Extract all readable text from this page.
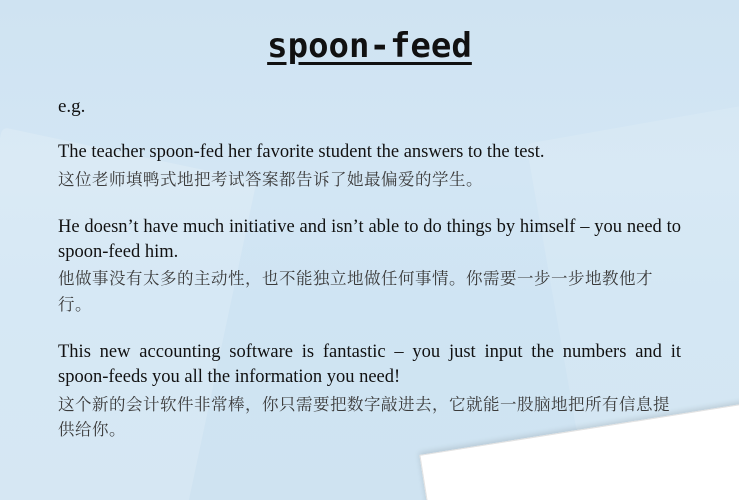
spoon-feed
e.g.
The teacher spoon-fed her favorite student the answers to the test.
这位老师填鸭式地把考试答案都告诉了她最偏爱的学生。
He doesn’t have much initiative and isn’t able to do things by himself – you need to spoon-feed him.
他做事没有太多的主动性，也不能独立地做任何事情。你需要一步一步地教他才行。
This new accounting software is fantastic – you just input the numbers and it spoon-feeds you all the information you need!
这个新的会计软件非常棒，你只需要把数字敲进去，它就能一股脑地把所有信息提供给你。
